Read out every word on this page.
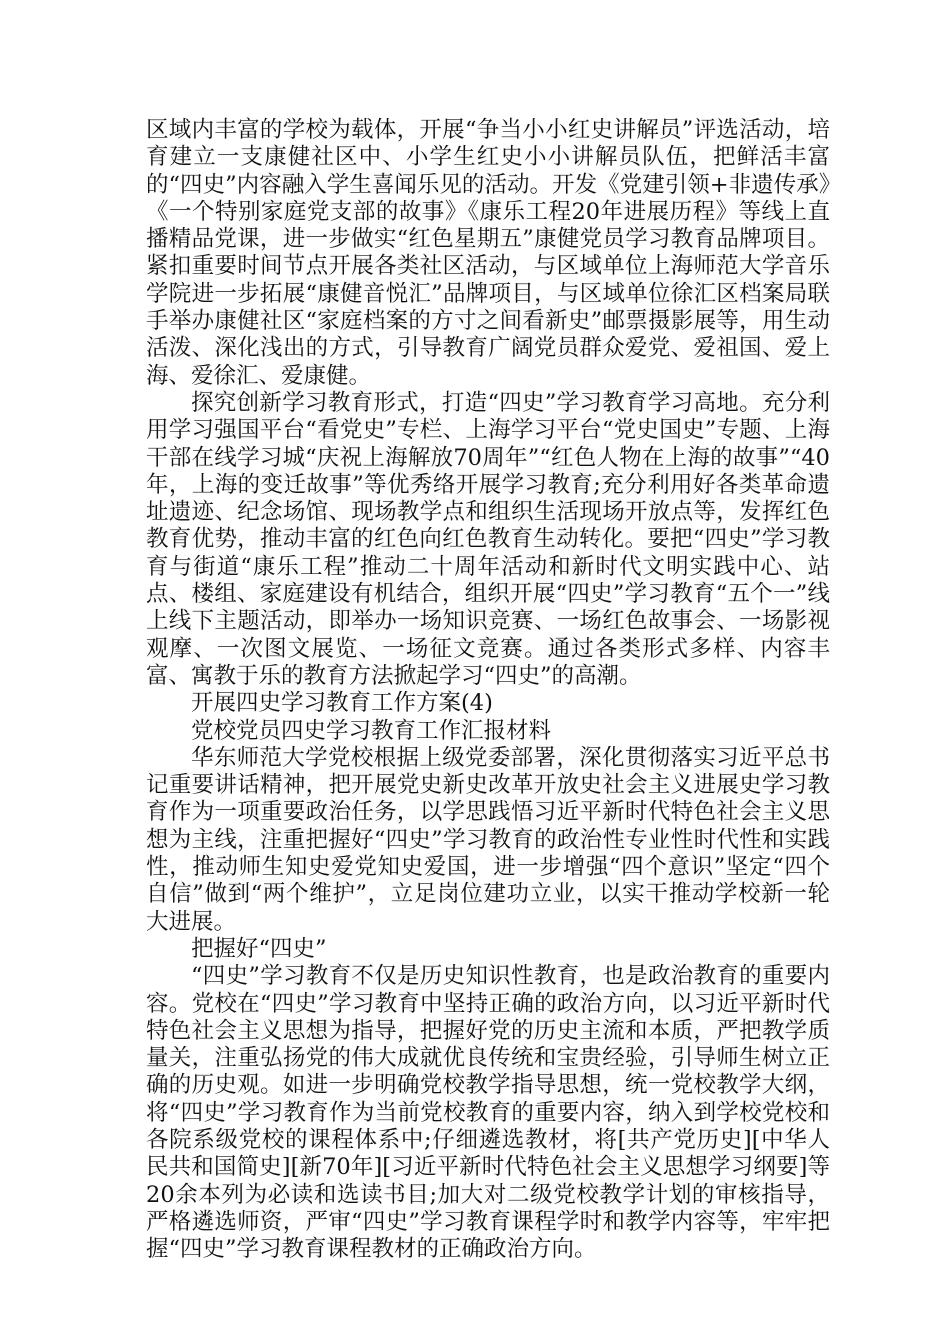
区域内丰富的学校为载体，开展“争当小小红史讲解员”评选活动，培育建立一支康健社区中、小学生红史小小讲解员队伍，把鲜活丰富的“四史”内容融入学生喜闻乐见的活动。开发《党建引领+非遗传承》《一个特别家庭党支部的故事》《康乐工程20年进展历程》等线上直播精品党课，进一步做实“红色星期五”康健党员学习教育品牌项目。紧扣重要时间节点开展各类社区活动，与区域单位上海师范大学音乐学院进一步拓展“康健音悦汇”品牌项目，与区域单位徐汇区档案局联手举办康健社区“家庭档案的方寸之间看新史”邮票摄影展等，用生动活泼、深化浅出的方式，引导教育广阔党员群众爱党、爱祖国、爱上海、爱徐汇、爱康健。

探究创新学习教育形式，打造“四史”学习教育学习高地。充分利用学习强国平台“看党史”专栏、上海学习平台“党史国史”专题、上海干部在线学习城“庆祝上海解放70周年”“红色人物在上海的故事”“40年，上海的变迁故事”等优秀络开展学习教育;充分利用好各类革命遗址遗迹、纪念场馆、现场教学点和组织生活现场开放点等，发挥红色教育优势，推动丰富的红色向红色教育生动转化。要把“四史”学习教育与街道“康乐工程”推动二十周年活动和新时代文明实践中心、站点、楼组、家庭建设有机结合，组织开展“四史”学习教育“五个一”线上线下主题活动，即举办一场知识竞赛、一场红色故事会、一场影视观摩、一次图文展览、一场征文竞赛。通过各类形式多样、内容丰富、寓教于乐的教育方法掀起学习“四史”的高潮。

开展四史学习教育工作方案(4)

党校党员四史学习教育工作汇报材料

华东师范大学党校根据上级党委部署，深化贯彻落实习近平总书记重要讲话精神，把开展党史新史改革开放史社会主义进展史学习教育作为一项重要政治任务，以学思践悟习近平新时代特色社会主义思想为主线，注重把握好“四史”学习教育的政治性专业性时代性和实践性，推动师生知史爱党知史爱国，进一步增强“四个意识”坚定“四个自信”做到“两个维护”，立足岗位建功立业，以实干推动学校新一轮大进展。

把握好“四史”

“四史”学习教育不仅是历史知识性教育，也是政治教育的重要内容。党校在“四史”学习教育中坚持正确的政治方向，以习近平新时代特色社会主义思想为指导，把握好党的历史主流和本质，严把教学质量关，注重弘扬党的伟大成就优良传统和宝贵经验，引导师生树立正确的历史观。如进一步明确党校教学指导思想，统一党校教学大纲，将“四史”学习教育作为当前党校教育的重要内容，纳入到学校党校和各院系级党校的课程体系中;仔细遴选教材，将[共产党历史][中华人民共和国简史][新70年][习近平新时代特色社会主义思想学习纲要]等20余本列为必读和选读书目;加大对二级党校教学计划的审核指导，严格遴选师资，严审“四史”学习教育课程学时和教学内容等，牢牢把握“四史”学习教育课程教材的正确政治方向。
